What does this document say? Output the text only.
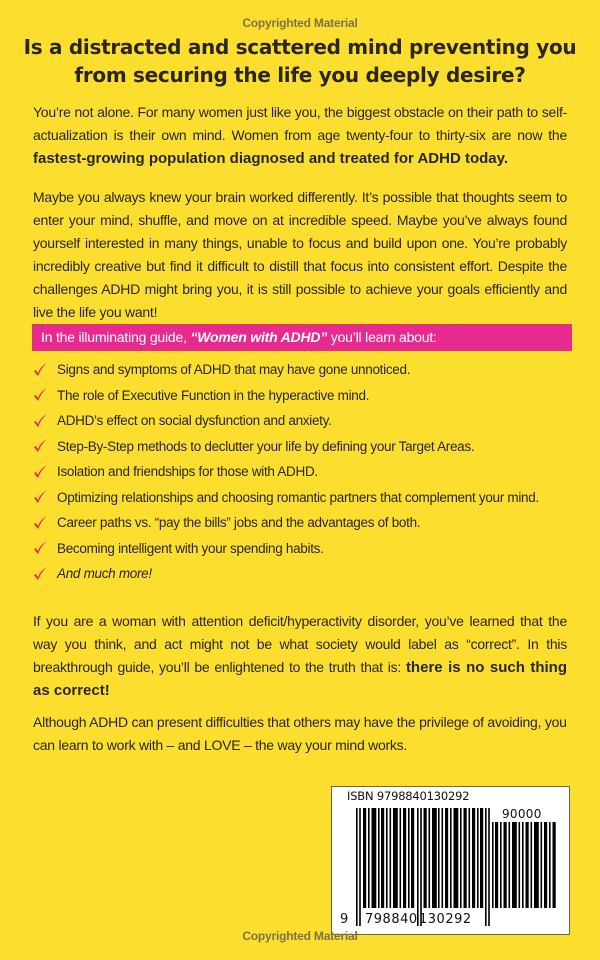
Copyrighted Material
Is a distracted and scattered mind preventing you
from securing the life you deeply desire?

You’re not alone. For many women just like you, the biggest obstacle on their path to self-actualization is their own mind. Women from age twenty-four to thirty-six are now the fastest-growing population diagnosed and treated for ADHD today.

Maybe you always knew your brain worked differently. It’s possible that thoughts seem to enter your mind, shuffle, and move on at incredible speed. Maybe you’ve always found yourself interested in many things, unable to focus and build upon one. You’re probably incredibly creative but find it difficult to distill that focus into consistent effort. Despite the challenges ADHD might bring you, it is still possible to achieve your goals efficiently and live the life you want!

In the illuminating guide, “Women with ADHD” you’ll learn about:
Signs and symptoms of ADHD that may have gone unnoticed.
The role of Executive Function in the hyperactive mind.
ADHD’s effect on social dysfunction and anxiety.
Step-By-Step methods to declutter your life by defining your Target Areas.
Isolation and friendships for those with ADHD.
Optimizing relationships and choosing romantic partners that complement your mind.
Career paths vs. “pay the bills” jobs and the advantages of both.
Becoming intelligent with your spending habits.
And much more!

If you are a woman with attention deficit/hyperactivity disorder, you’ve learned that the way you think, and act might not be what society would label as “correct”. In this breakthrough guide, you’ll be enlightened to the truth that is: there is no such thing as correct!

Although ADHD can present difficulties that others may have the privilege of avoiding, you can learn to work with – and LOVE – the way your mind works.

ISBN 9798840130292
90000
9 798840 130292
Copyrighted Material
